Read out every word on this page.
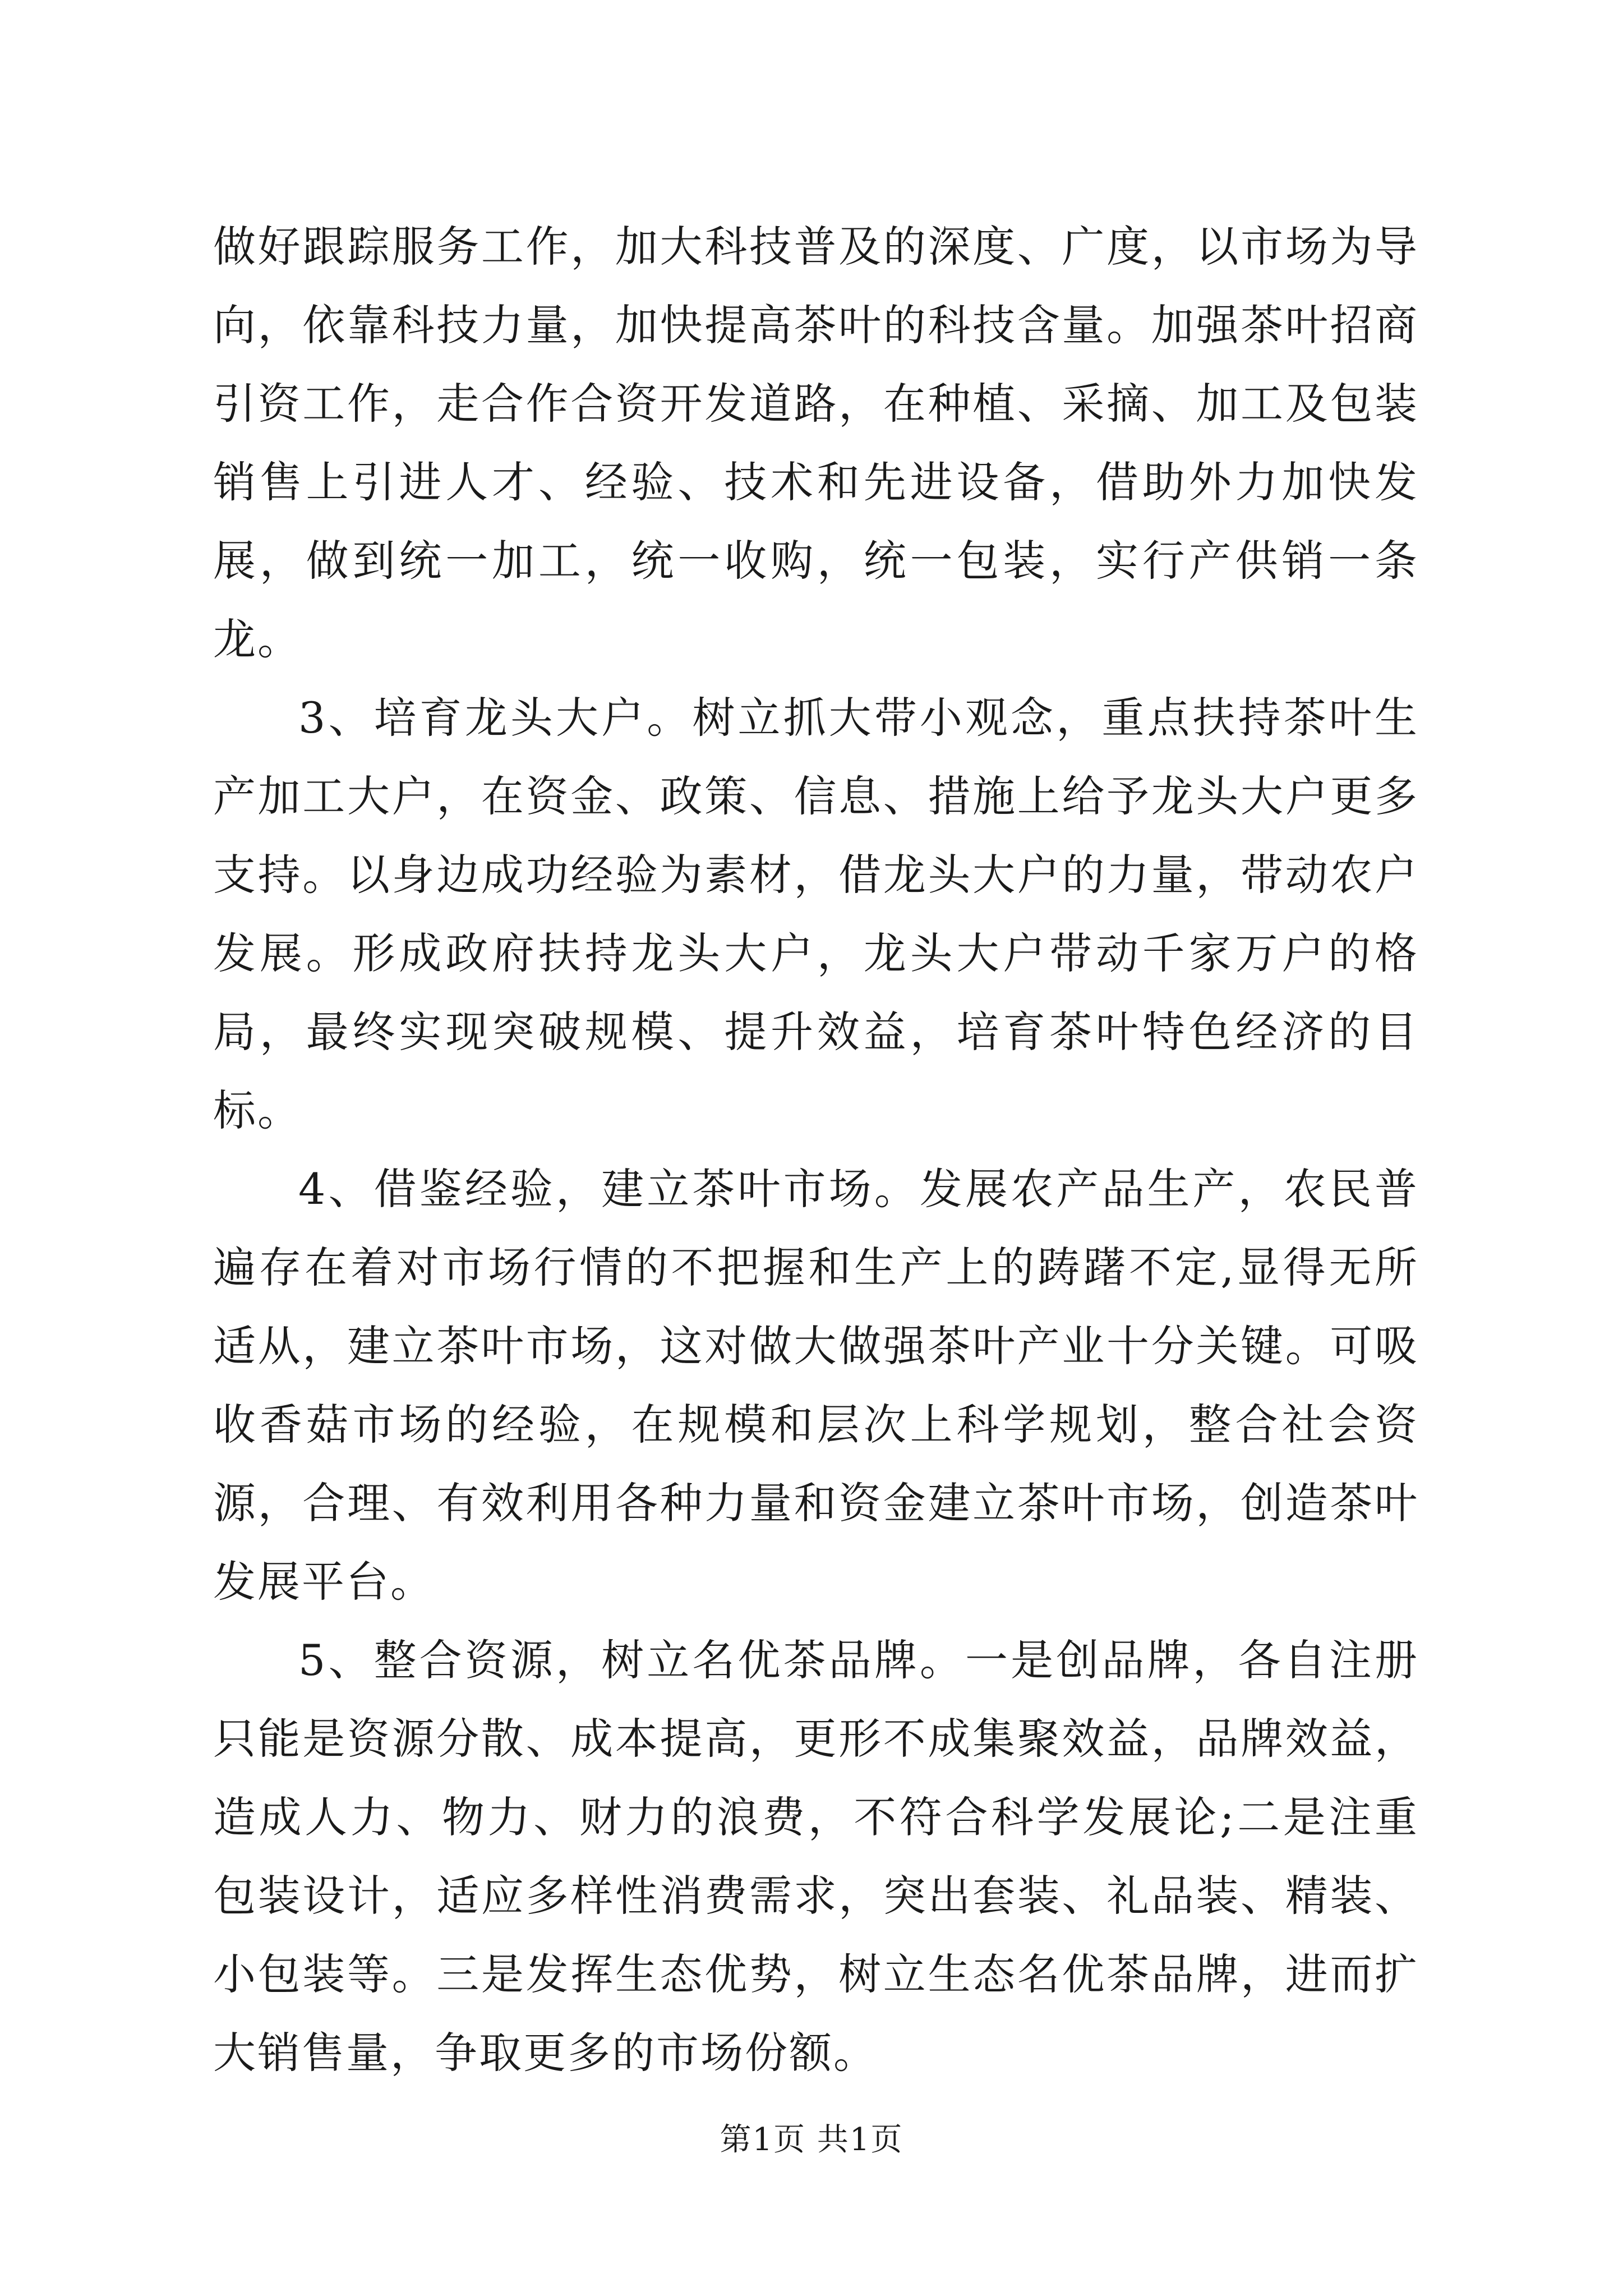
做好跟踪服务工作，加大科技普及的深度、广度，以市场为导向，依靠科技力量，加快提高茶叶的科技含量。加强茶叶招商引资工作，走合作合资开发道路，在种植、采摘、加工及包装销售上引进人才、经验、技术和先进设备，借助外力加快发展，做到统一加工，统一收购，统一包装，实行产供销一条龙。

3、培育龙头大户。树立抓大带小观念，重点扶持茶叶生产加工大户，在资金、政策、信息、措施上给予龙头大户更多支持。以身边成功经验为素材，借龙头大户的力量，带动农户发展。形成政府扶持龙头大户，龙头大户带动千家万户的格局，最终实现突破规模、提升效益，培育茶叶特色经济的目标。

4、借鉴经验，建立茶叶市场。发展农产品生产，农民普遍存在着对市场行情的不把握和生产上的踌躇不定,显得无所适从，建立茶叶市场，这对做大做强茶叶产业十分关键。可吸收香菇市场的经验，在规模和层次上科学规划，整合社会资源，合理、有效利用各种力量和资金建立茶叶市场，创造茶叶发展平台。

5、整合资源，树立名优茶品牌。一是创品牌，各自注册只能是资源分散、成本提高，更形不成集聚效益，品牌效益，造成人力、物力、财力的浪费，不符合科学发展论;二是注重包装设计，适应多样性消费需求，突出套装、礼品装、精装、小包装等。三是发挥生态优势，树立生态名优茶品牌，进而扩大销售量，争取更多的市场份额。

第1页 共1页
